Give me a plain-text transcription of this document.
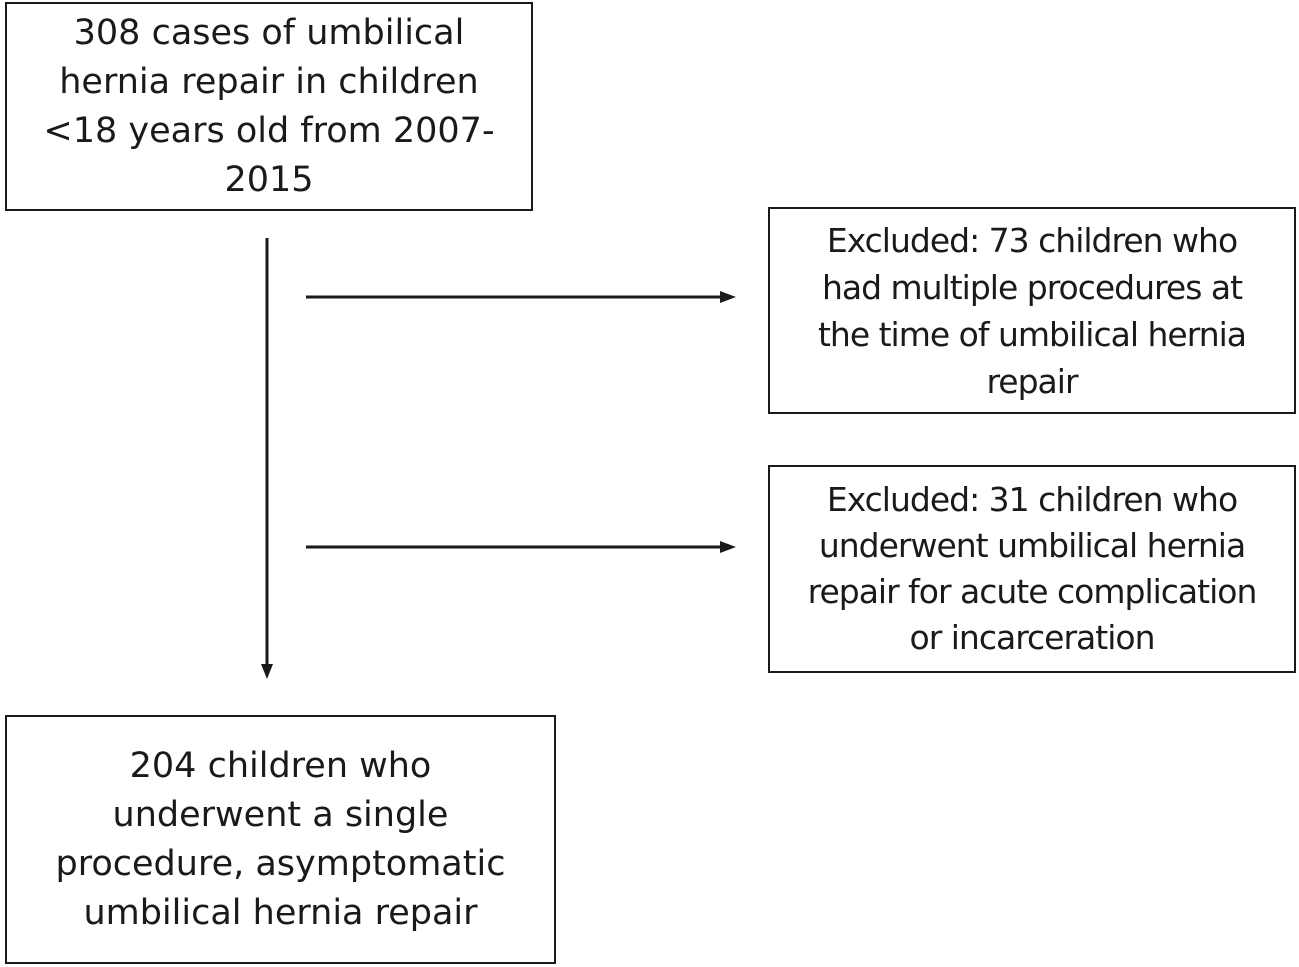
308 cases of umbilical
hernia repair in children
<18 years old from 2007-
2015
Excluded: 73 children who
had multiple procedures at
the time of umbilical hernia
repair
Excluded: 31 children who
underwent umbilical hernia
repair for acute complication
or incarceration
204 children who
underwent a single
procedure, asymptomatic
umbilical hernia repair
